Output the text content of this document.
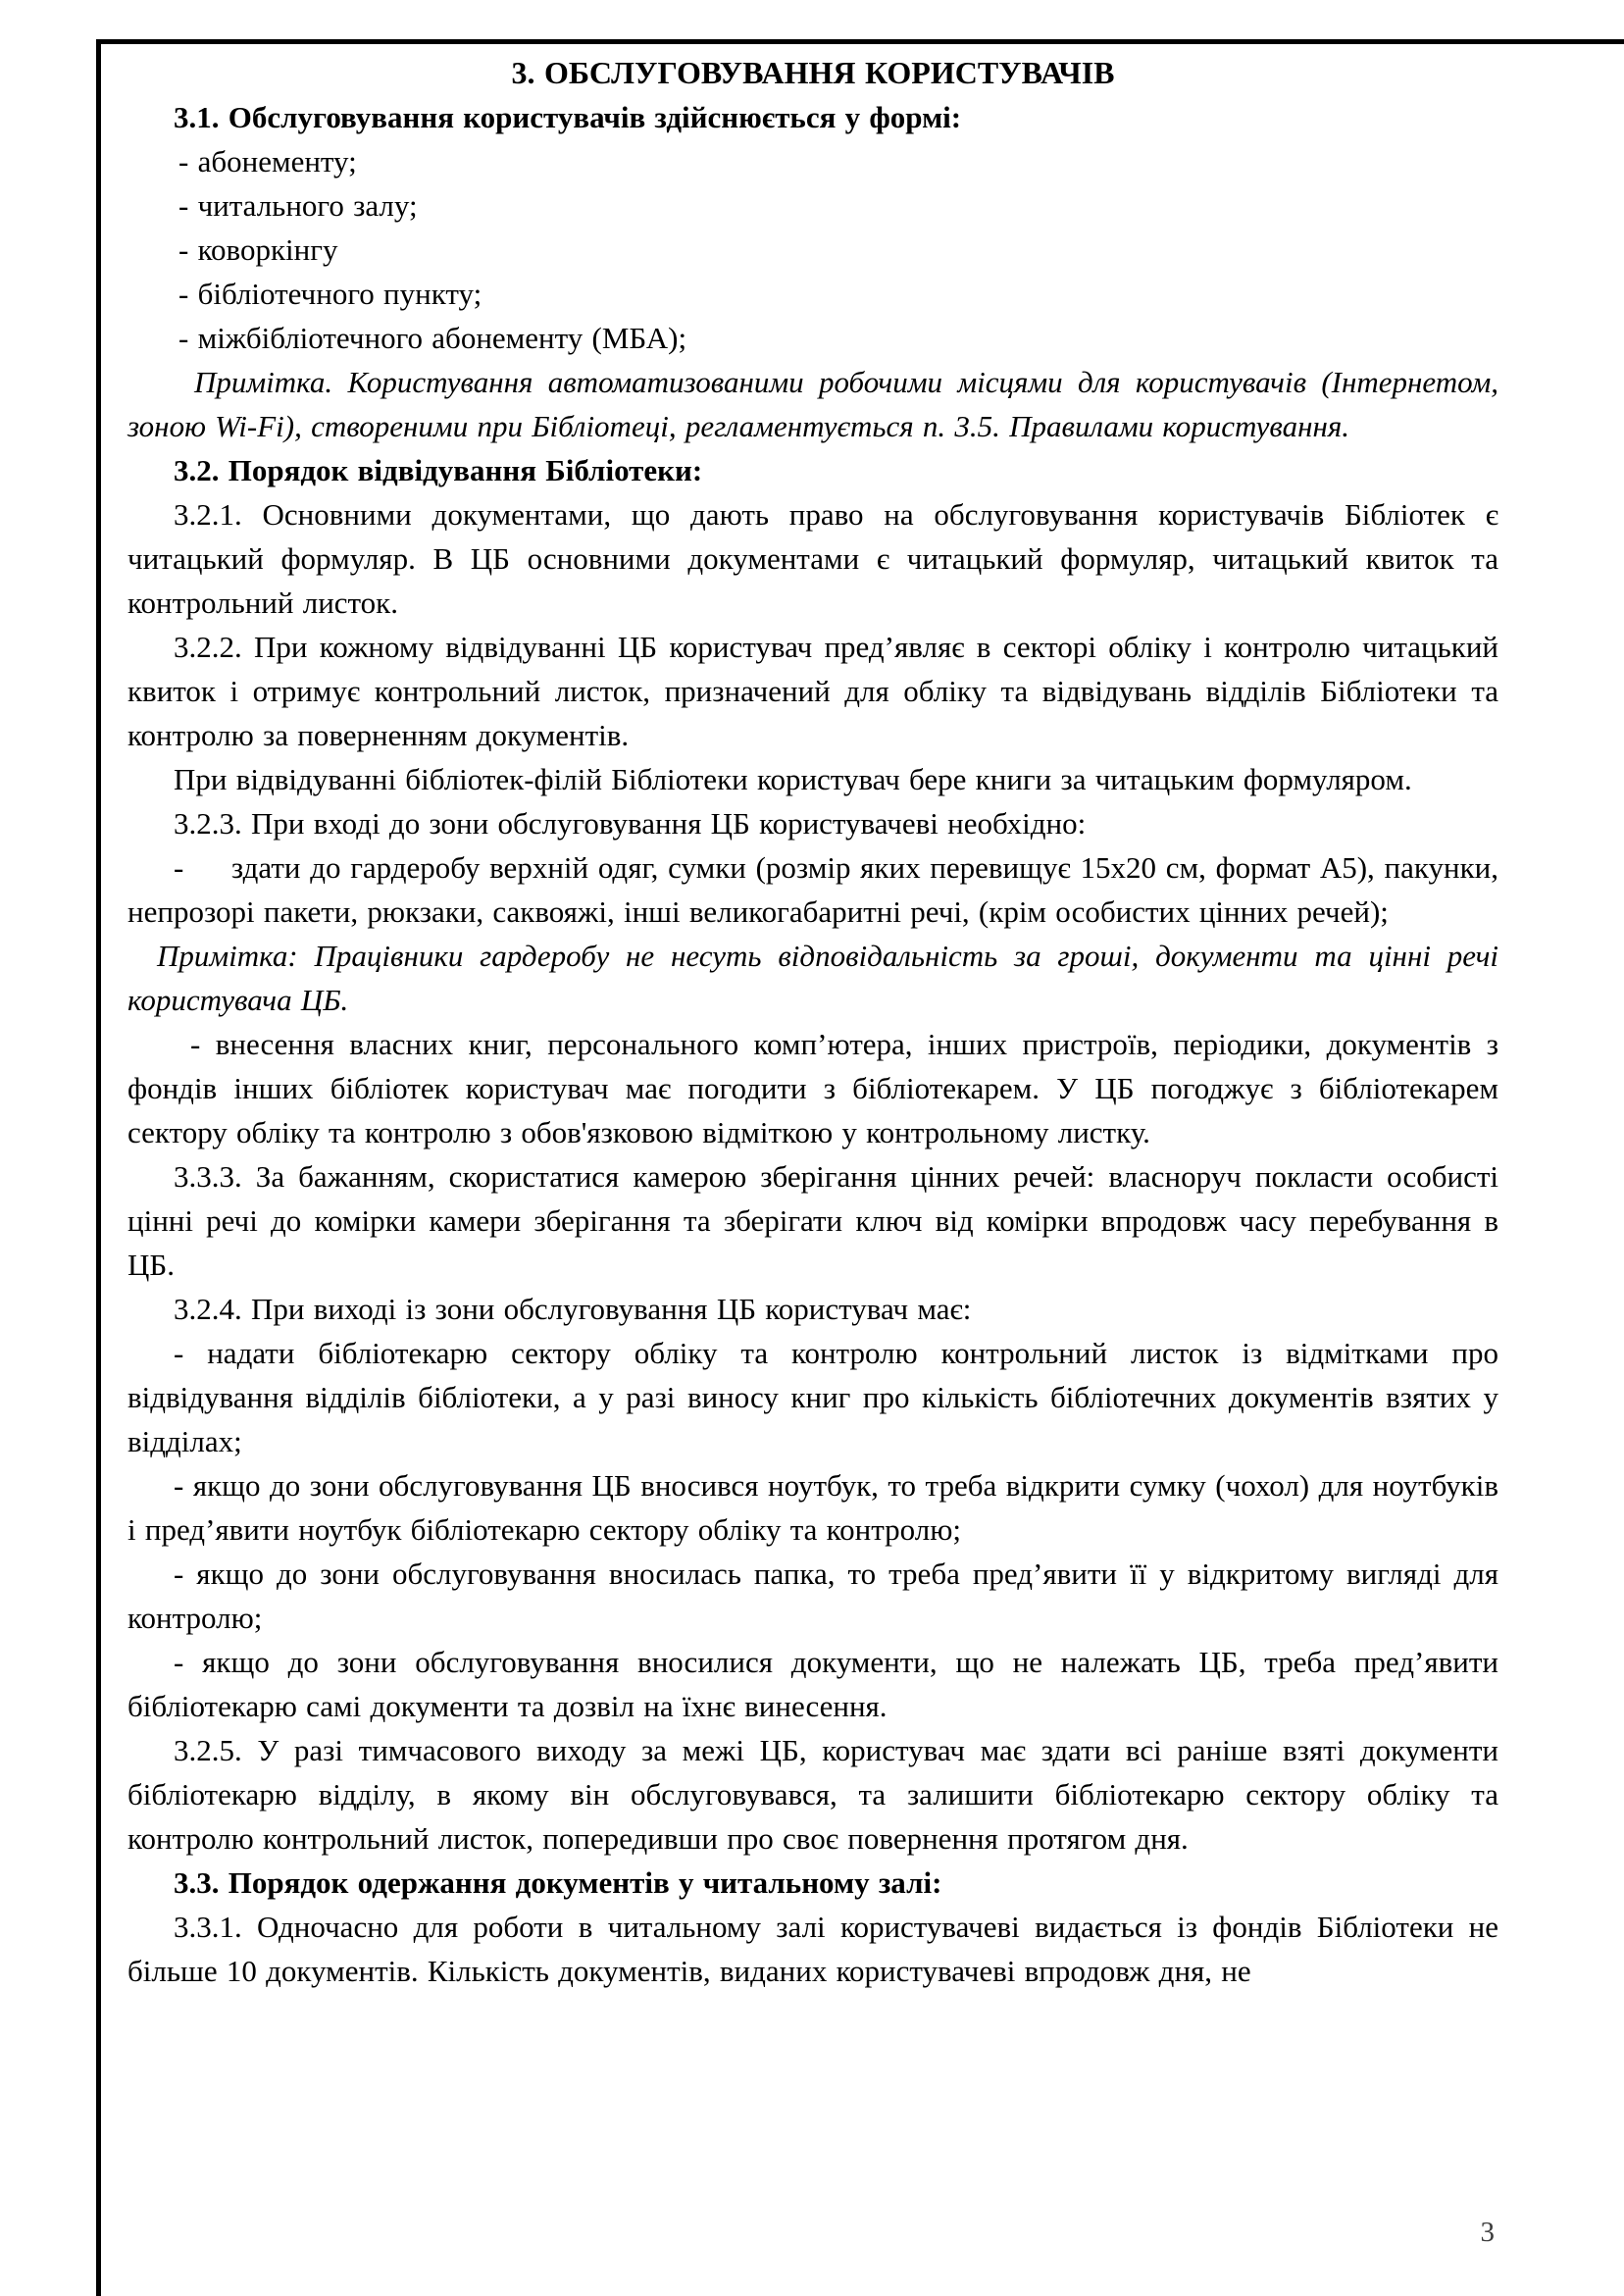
3. ОБСЛУГОВУВАННЯ КОРИСТУВАЧІВ

3.1. Обслуговування користувачів здійснюється у формі:

- абонементу;

- читального залу;

- коворкінгу

- бібліотечного пункту;

- міжбібліотечного абонементу (МБА);

Примітка. Користування автоматизованими робочими місцями для користувачів (Інтернетом, зоною Wi-Fi), створеними при Бібліотеці, регламентується п. 3.5. Правилами користування.

3.2. Порядок відвідування Бібліотеки:

3.2.1. Основними документами, що дають право на обслуговування користувачів Бібліотек є читацький формуляр. В ЦБ основними документами є читацький формуляр, читацький квиток та контрольний листок.

3.2.2. При кожному відвідуванні ЦБ користувач пред’являє в секторі обліку і контролю читацький квиток і отримує контрольний листок, призначений для обліку та відвідувань відділів Бібліотеки та контролю за поверненням документів.

При відвідуванні бібліотек-філій Бібліотеки користувач бере книги за читацьким формуляром.

3.2.3. При вході до зони обслуговування ЦБ користувачеві необхідно:

-     здати до гардеробу верхній одяг, сумки (розмір яких перевищує 15х20 см, формат А5), пакунки, непрозорі пакети, рюкзаки, саквояжі, інші великогабаритні речі, (крім особистих цінних речей);

Примітка: Працівники гардеробу не несуть відповідальність за гроші, документи та цінні речі користувача ЦБ.

- внесення власних книг, персонального комп’ютера, інших пристроїв, періодики, документів з фондів інших бібліотек користувач має погодити з бібліотекарем. У ЦБ погоджує з бібліотекарем сектору обліку та контролю з обов'язковою відміткою у контрольному листку.

3.3.3. За бажанням, скористатися камерою зберігання цінних речей: власноруч покласти особисті цінні речі до комірки камери зберігання та зберігати ключ від комірки впродовж часу перебування в ЦБ.

3.2.4. При виході із зони обслуговування ЦБ користувач має:

- надати бібліотекарю сектору обліку та контролю контрольний листок із відмітками про відвідування відділів бібліотеки, а у разі виносу книг про кількість бібліотечних документів взятих у відділах;

- якщо до зони обслуговування ЦБ вносився ноутбук, то треба відкрити сумку (чохол) для ноутбуків і пред’явити ноутбук бібліотекарю сектору обліку та контролю;

- якщо до зони обслуговування вносилась папка, то треба пред’явити її у відкритому вигляді для контролю;

- якщо до зони обслуговування вносилися документи, що не належать ЦБ, треба пред’явити бібліотекарю самі документи та дозвіл на їхнє винесення.

3.2.5. У разі тимчасового виходу за межі ЦБ, користувач має здати всі раніше взяті документи бібліотекарю відділу, в якому він обслуговувався, та залишити бібліотекарю сектору обліку та контролю контрольний листок, попередивши про своє повернення протягом дня.

3.3. Порядок одержання документів у читальному залі:

3.3.1. Одночасно для роботи в читальному залі користувачеві видається із фондів Бібліотеки не більше 10 документів. Кількість документів, виданих користувачеві впродовж дня, не

3
